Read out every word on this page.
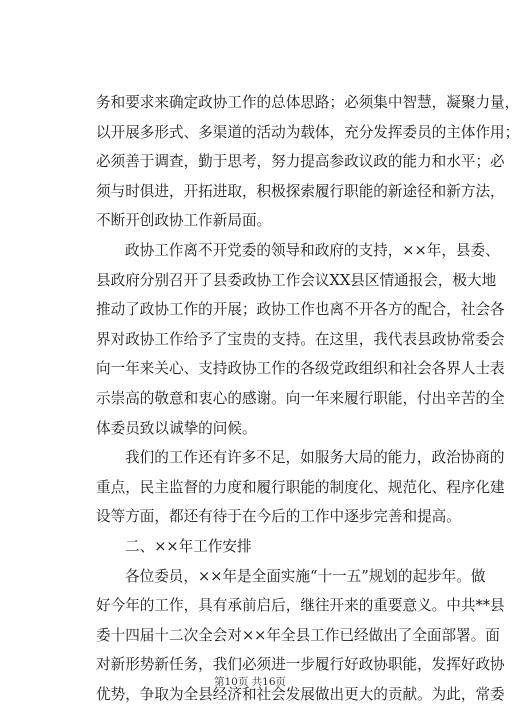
务和要求来确定政协工作的总体思路；必须集中智慧，凝聚力量，
以开展多形式、多渠道的活动为载体，充分发挥委员的主体作用；
必须善于调查，勤于思考，努力提高参政议政的能力和水平；必
须与时俱进，开拓进取，积极探索履行职能的新途径和新方法，
不断开创政协工作新局面。
政协工作离不开党委的领导和政府的支持，××年，县委、
县政府分别召开了县委政协工作会议XX县区情通报会，极大地
推动了政协工作的开展；政协工作也离不开各方的配合，社会各
界对政协工作给予了宝贵的支持。在这里，我代表县政协常委会
向一年来关心、支持政协工作的各级党政组织和社会各界人士表
示崇高的敬意和衷心的感谢。向一年来履行职能，付出辛苦的全
体委员致以诚挚的问候。
我们的工作还有许多不足，如服务大局的能力，政治协商的
重点，民主监督的力度和履行职能的制度化、规范化、程序化建
设等方面，都还有待于在今后的工作中逐步完善和提高。
二、××年工作安排
各位委员，××年是全面实施“十一五”规划的起步年。做
好今年的工作，具有承前启后，继往开来的重要意义。中共**县
委十四届十二次全会对××年全县工作已经做出了全面部署。面
对新形势新任务，我们必须进一步履行好政协职能，发挥好政协
优势，争取为全县经济和社会发展做出更大的贡献。为此，常委
第10页 共16页
